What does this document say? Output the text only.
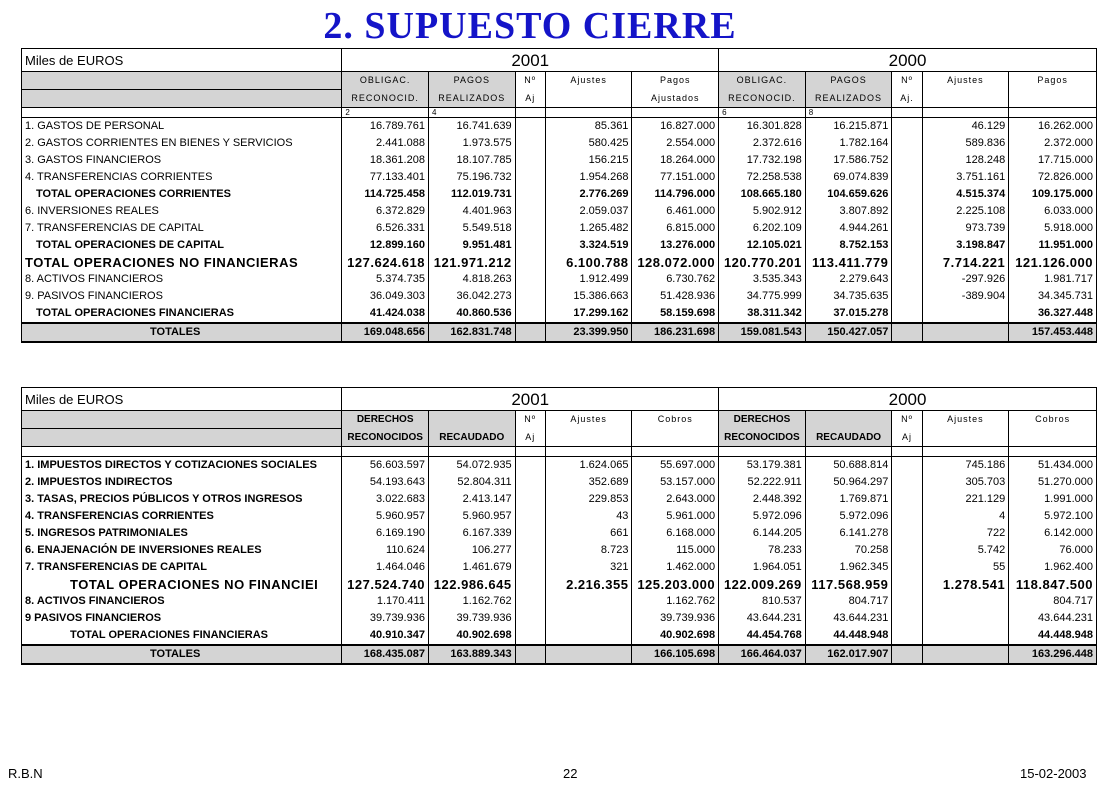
2. SUPUESTO CIERRE
Miles de EUROS	2001					2000				
	OBLIGAC.	PAGOS	Nº	Ajustes	Pagos	OBLIGAC.	PAGOS	Nº	Ajustes	Pagos
	RECONOCID.	REALIZADOS	Aj		Ajustados	RECONOCID.	REALIZADOS	Aj.		
	2	4				6	8			
1. GASTOS DE PERSONAL	16.789.761	16.741.639		85.361	16.827.000	16.301.828	16.215.871		46.129	16.262.000
2. GASTOS CORRIENTES EN BIENES Y SERVICIOS	2.441.088	1.973.575		580.425	2.554.000	2.372.616	1.782.164		589.836	2.372.000
3. GASTOS FINANCIEROS	18.361.208	18.107.785		156.215	18.264.000	17.732.198	17.586.752		128.248	17.715.000
4. TRANSFERENCIAS CORRIENTES	77.133.401	75.196.732		1.954.268	77.151.000	72.258.538	69.074.839		3.751.161	72.826.000
TOTAL OPERACIONES CORRIENTES	114.725.458	112.019.731		2.776.269	114.796.000	108.665.180	104.659.626		4.515.374	109.175.000
6. INVERSIONES REALES	6.372.829	4.401.963		2.059.037	6.461.000	5.902.912	3.807.892		2.225.108	6.033.000
7. TRANSFERENCIAS DE CAPITAL	6.526.331	5.549.518		1.265.482	6.815.000	6.202.109	4.944.261		973.739	5.918.000
TOTAL OPERACIONES DE CAPITAL	12.899.160	9.951.481		3.324.519	13.276.000	12.105.021	8.752.153		3.198.847	11.951.000
TOTAL OPERACIONES NO FINANCIERAS	127.624.618	121.971.212		6.100.788	128.072.000	120.770.201	113.411.779		7.714.221	121.126.000
8. ACTIVOS FINANCIEROS	5.374.735	4.818.263		1.912.499	6.730.762	3.535.343	2.279.643		-297.926	1.981.717
9. PASIVOS FINANCIEROS	36.049.303	36.042.273		15.386.663	51.428.936	34.775.999	34.735.635		-389.904	34.345.731
TOTAL OPERACIONES FINANCIERAS	41.424.038	40.860.536		17.299.162	58.159.698	38.311.342	37.015.278			36.327.448
TOTALES	169.048.656	162.831.748		23.399.950	186.231.698	159.081.543	150.427.057			157.453.448
Miles de EUROS	2001					2000				
	DERECHOS		Nº	Ajustes	Cobros	DERECHOS		Nº	Ajustes	Cobros
	RECONOCIDOS	RECAUDADO	Aj			RECONOCIDOS	RECAUDADO	Aj		

1. IMPUESTOS DIRECTOS Y COTIZACIONES SOCIALES	56.603.597	54.072.935		1.624.065	55.697.000	53.179.381	50.688.814		745.186	51.434.000
2. IMPUESTOS INDIRECTOS	54.193.643	52.804.311		352.689	53.157.000	52.222.911	50.964.297		305.703	51.270.000
3. TASAS, PRECIOS PÚBLICOS Y OTROS INGRESOS	3.022.683	2.413.147		229.853	2.643.000	2.448.392	1.769.871		221.129	1.991.000
4. TRANSFERENCIAS CORRIENTES	5.960.957	5.960.957		43	5.961.000	5.972.096	5.972.096		4	5.972.100
5. INGRESOS PATRIMONIALES	6.169.190	6.167.339		661	6.168.000	6.144.205	6.141.278		722	6.142.000
6. ENAJENACIÓN DE INVERSIONES REALES	110.624	106.277		8.723	115.000	78.233	70.258		5.742	76.000
7. TRANSFERENCIAS DE CAPITAL	1.464.046	1.461.679		321	1.462.000	1.964.051	1.962.345		55	1.962.400
TOTAL OPERACIONES NO FINANCIEI	127.524.740	122.986.645		2.216.355	125.203.000	122.009.269	117.568.959		1.278.541	118.847.500
8. ACTIVOS FINANCIEROS	1.170.411	1.162.762			1.162.762	810.537	804.717			804.717
9 PASIVOS FINANCIEROS	39.739.936	39.739.936			39.739.936	43.644.231	43.644.231			43.644.231
TOTAL OPERACIONES FINANCIERAS	40.910.347	40.902.698			40.902.698	44.454.768	44.448.948			44.448.948
TOTALES	168.435.087	163.889.343			166.105.698	166.464.037	162.017.907			163.296.448
R.B.N	22	15-02-2003
